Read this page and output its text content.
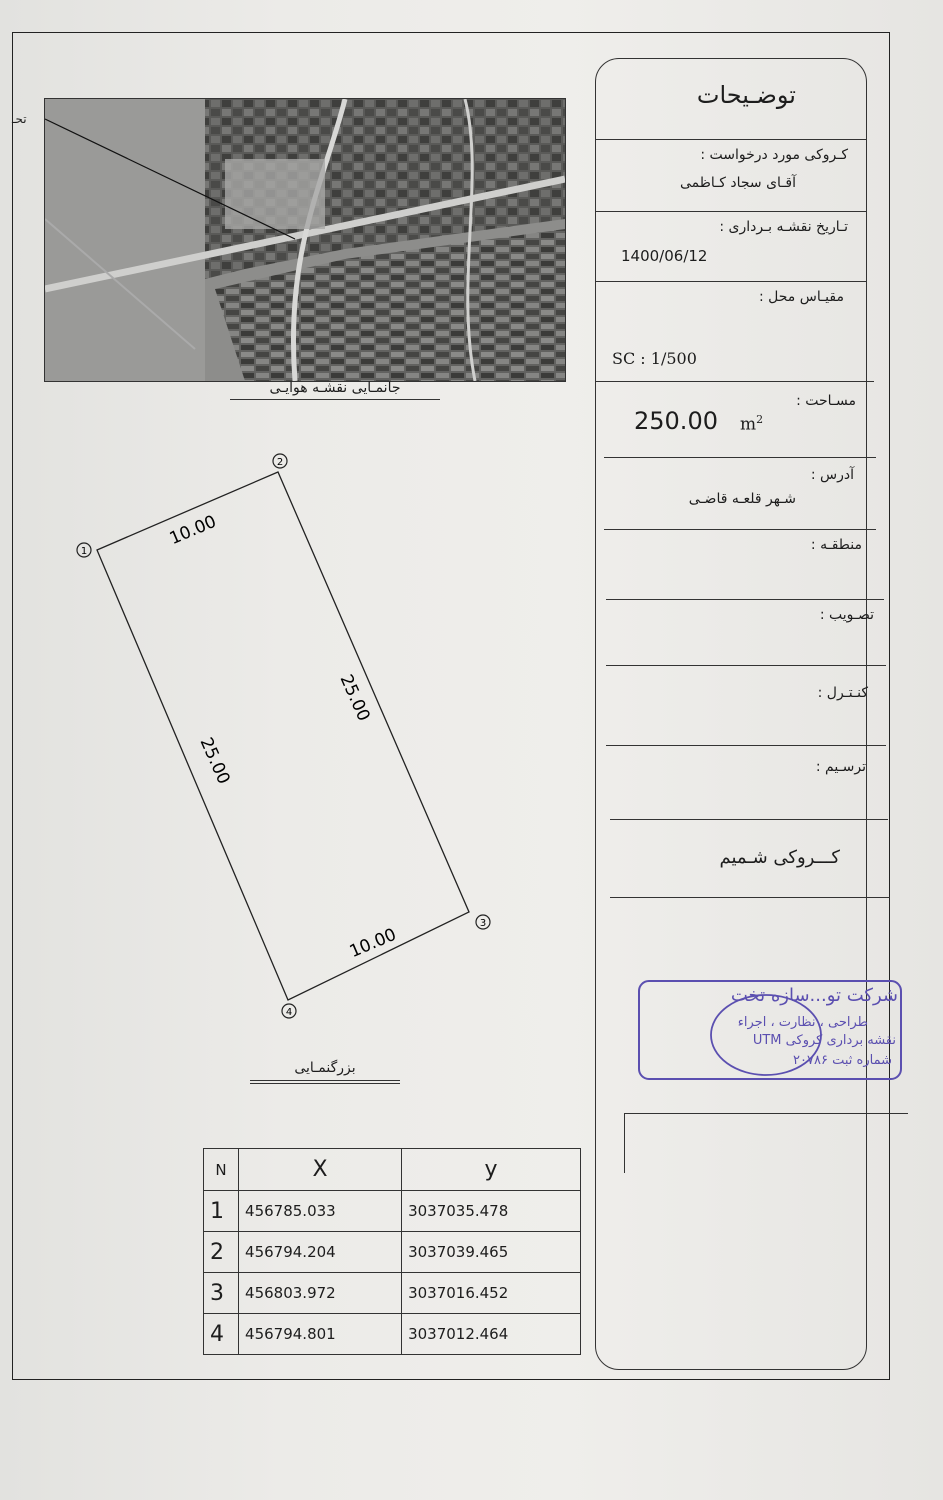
تحـ
جانمـایی نقشـه هوایـی
1
2
3
4
10.00
25.00
25.00
10.00
بزرگنمـایی
N	X	y
1	456785.033	3037035.478
2	456794.204	3037039.465
3	456803.972	3037016.452
4	456794.801	3037012.464
توضـیحات
کـروکی مورد درخواست :
آقـای سجاد کـاظمی
تـاریخ نقشـه بـرداری :
1400/06/12
مقیـاس محل :
SC : 1/500
مسـاحت :
250.00 $m^2$
آدرس :
شـهر قلعـه قاضـی
منطقـه :
تصـویب :
کنـتـرل :
ترسـیم :
کـــروکی شـمیم
شرکت تو...سازه تخت
طراحی ، نظارت ، اجراء
نقشه برداری کروکی UTM
شماره ثبت ۲۰۷۸۶
